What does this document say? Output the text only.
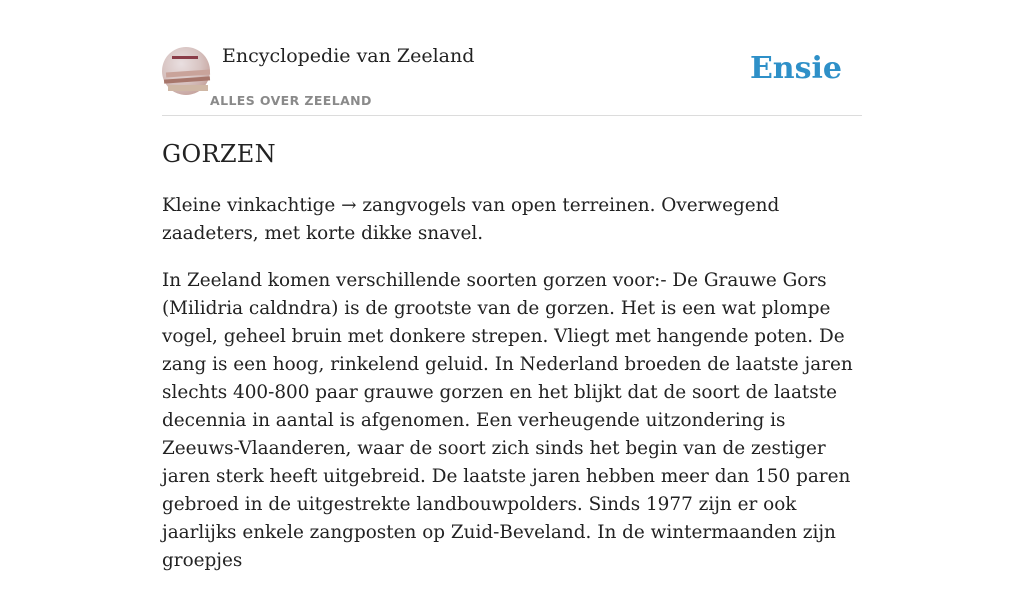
Encyclopedie van Zeeland
ALLES OVER ZEELAND
Ensie
GORZEN

Kleine vinkachtige → zangvogels van open terreinen. Overwegend zaadeters, met korte dikke snavel.

In Zeeland komen verschillende soorten gorzen voor:- De Grauwe Gors (Milidria caldndra) is de grootste van de gorzen. Het is een wat plompe vogel, geheel bruin met donkere strepen. Vliegt met hangende poten. De zang is een hoog, rinkelend geluid. In Nederland broeden de laatste jaren slechts 400-800 paar grauwe gorzen en het blijkt dat de soort de laatste decennia in aantal is afgenomen. Een verheugende uitzondering is Zeeuws-Vlaanderen, waar de soort zich sinds het begin van de zestiger jaren sterk heeft uitgebreid. De laatste jaren hebben meer dan 150 paren gebroed in de uitgestrekte landbouwpolders. Sinds 1977 zijn er ook jaarlijks enkele zangposten op Zuid-Beveland. In de wintermaanden zijn groepjes
